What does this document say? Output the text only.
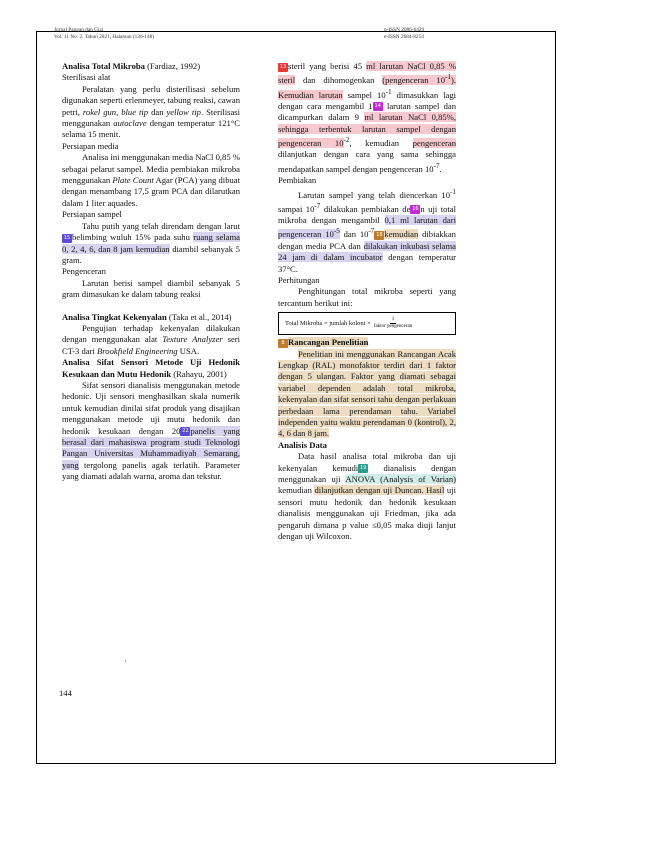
Jurnal Pangan dan Gizi
Vol. 11 No. 2. Tahun 2021, Halaman (136-148)
p-ISSN 2086-6429
e-ISSN 2684-8254

Analisa Total Mikroba (Fardiaz, 1992)

Sterilisasi alat

Peralatan yang perlu disterilisasi sebelum digunakan seperti erlenmeyer, tabung reaksi, cawan petri, rokel gun, blue tip dan yellow tip. Sterilisasi menggunakan autoclave dengan temperatur 121°C selama 15 menit.

Persiapan media

Analisa ini menggunakan media NaCl 0,85 % sebagai pelarut sampel. Media pembiakan mikroba menggunakan Plate Count Agar (PCA) yang dibuat dengan menambang 17,5 gram PCA dan dilarutkan dalam 1 liter aquades.

Persiapan sampel

Tahu putih yang telah direndam dengan larut15 belimbing wuluh 15% pada suhu ruang selama 0, 2, 4, 6, dan 8 jam kemudian diambil sebanyak 5 gram.

Pengenceran

Larutan berisi sampel diambil sebanyak 5 gram dimasukan ke dalam tabung reaksi

Analisa Tingkat Kekenyalan (Taka et al., 2014)

Pengujian terhadap kekenyalan dilakukan dengan menggunakan alat Texture Analyzer seri CT-3 dari Brookfield Engineering USA.

Analisa Sifat Sensori Metode Uji Hedonik Kesukaan dan Mutu Hedonik (Rahayu, 2001)

Sifat sensori dianalisis menggunakan metode hedonic. Uji sensori menghasilkan skala numerik untuk kemudian dinilai sifat produk yang disajikan menggunakan metode uji mutu hedonik dan hedonik kesukaan dengan 20 22 panelis yang berasal dari mahasiswa program studi Teknologi Pangan Universitas Muhammadiyah Semarang, yang tergolong panelis agak terlatih. Parameter yang diamati adalah warna, aroma dan tekstur.

·
144

13 steril yang berisi 45 ml larutan NaCl 0,85 % steril dan dihomogenkan (pengenceran $10^{-1}$). Kemudian larutan sampel $10^{-1}$ dimasukkan lagi dengan cara mengambil 1 14 larutan sampel dan dicampurkan dalam 9 ml larutan NaCl 0,85%, sehingga terbentuk larutan sampel dengan pengenceran $10^{-2}$, kemudian pengenceran dilanjutkan dengan cara yang sama sehingga mendapatkan sampel dengan pengenceran $10^{-7}$.

Pembiakan

Larutan sampel yang telah diencerkan $10^{-1}$ sampai $10^{-7}$ dilakukan pembiakan de 16 n uji total mikroba dengan mengambil 0,1 ml larutan dari pengenceran $10^{-5}$ dan $10^{-7}$ 18 kemudian dibiakkan dengan media PCA dan dilakukan inkubasi selama 24 jam di dalam incubator dengan temperatur 37°C.

Perhitungan

Penghitungan total mikroba seperti yang tercantum berikut ini:

Total Mikroba = jumlah koloni × $\frac{1}{\text{faktor pengenceran}}$

8 Rancangan Penelitian

Penelitian ini menggunakan Rancangan Acak Lengkap (RAL) monofaktor terdiri dari 1 faktor dengan 5 ulangan. Faktor yang diamati sebagai variabel dependen adalah total mikroba, kekenyalan dan sifat sensori tahu dengan perlakuan perbedaan lama perendaman tahu. Variabel independen yaitu waktu perendaman 0 (kontrol), 2, 4, 6 dan 8 jam.

Analisis Data

Data hasil analisa total mikroba dan uji kekenyalan kemudi 19 dianalisis dengan menggunakan uji ANOVA (Analysis of Varian) kemudian dilanjutkan dengan uji Duncan. Hasil uji sensori mutu hedonik dan hedonik kesukaan dianalisis menggunakan uji Friedman, jika ada pengaruh dimana p value ≤0,05 maka diuji lanjut dengan uji Wilcoxon.
